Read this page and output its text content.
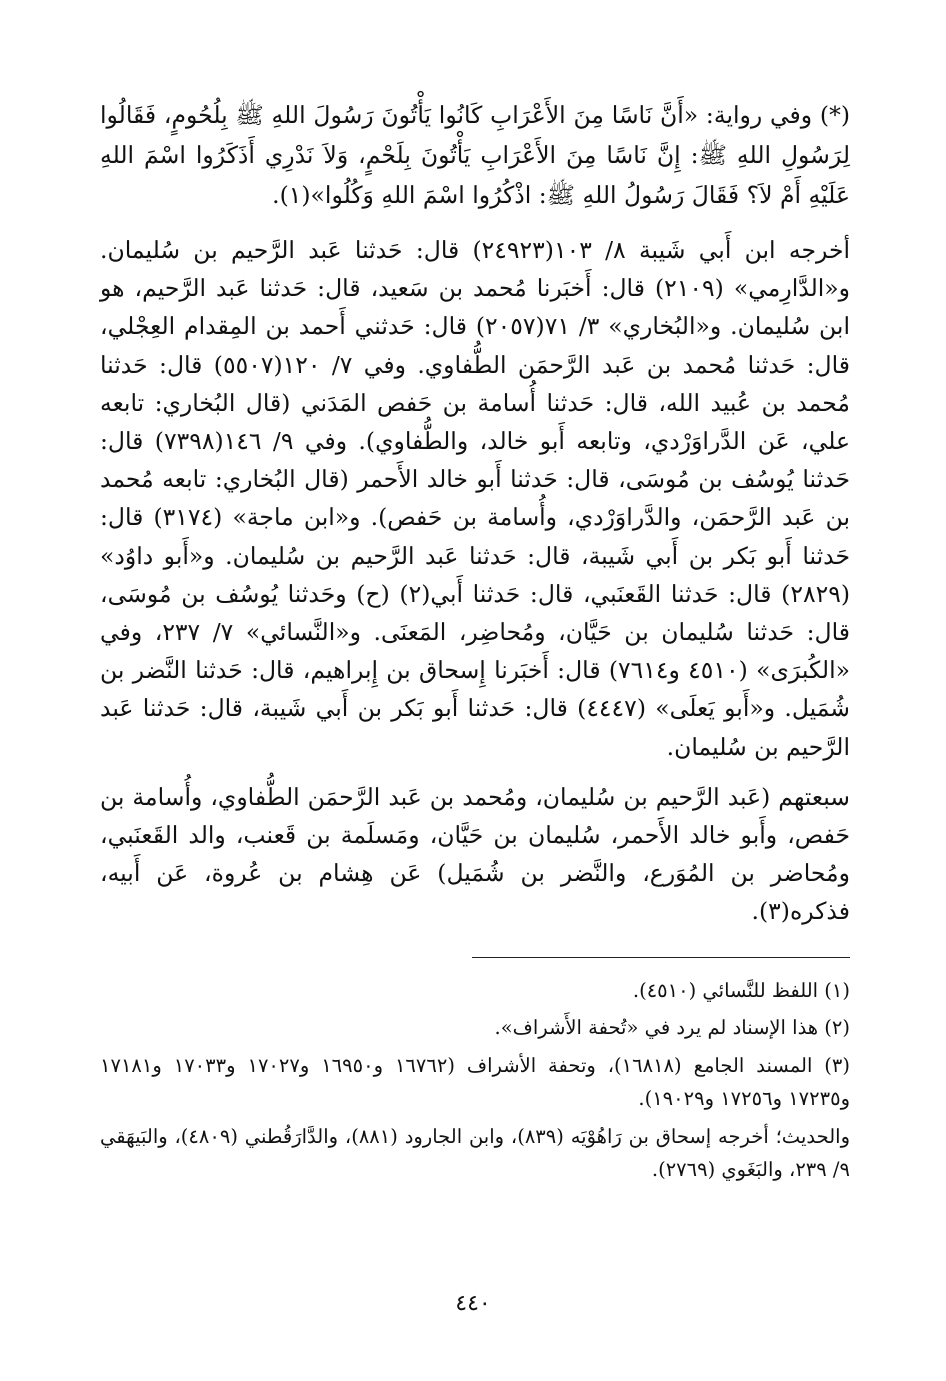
(*) وفي رواية: «أَنَّ نَاسًا مِنَ الأَعْرَابِ كَانُوا يَأْتُونَ رَسُولَ اللهِ ﷺ بِلُحُومٍ، فَقَالُوا لِرَسُولِ اللهِ ﷺ: إِنَّ نَاسًا مِنَ الأَعْرَابِ يَأْتُونَ بِلَحْمٍ، وَلاَ نَدْرِي أَذَكَرُوا اسْمَ اللهِ عَلَيْهِ أَمْ لاَ؟ فَقَالَ رَسُولُ اللهِ ﷺ: اذْكُرُوا اسْمَ اللهِ وَكُلُوا»(١).

أخرجه ابن أَبي شَيبة ٨/ ١٠٣(٢٤٩٢٣) قال: حَدثنا عَبد الرَّحيم بن سُليمان. و«الدَّارِمي» (٢١٠٩) قال: أَخبَرنا مُحمد بن سَعيد، قال: حَدثنا عَبد الرَّحيم، هو ابن سُليمان. و«البُخاري» ٣/ ٧١(٢٠٥٧) قال: حَدثني أَحمد بن المِقدام العِجْلي، قال: حَدثنا مُحمد بن عَبد الرَّحمَن الطُّفاوي. وفي ٧/ ١٢٠(٥٥٠٧) قال: حَدثنا مُحمد بن عُبيد الله، قال: حَدثنا أُسامة بن حَفص المَدَني (قال البُخاري: تابعه علي، عَن الدَّراوَرْدي، وتابعه أَبو خالد، والطُّفاوي). وفي ٩/ ١٤٦(٧٣٩٨) قال: حَدثنا يُوسُف بن مُوسَى، قال: حَدثنا أَبو خالد الأَحمر (قال البُخاري: تابعه مُحمد بن عَبد الرَّحمَن، والدَّراوَرْدي، وأُسامة بن حَفص). و«ابن ماجة» (٣١٧٤) قال: حَدثنا أَبو بَكر بن أَبي شَيبة، قال: حَدثنا عَبد الرَّحيم بن سُليمان. و«أَبو داوُد» (٢٨٢٩) قال: حَدثنا القَعنَبي، قال: حَدثنا أَبي(٢) (ح) وحَدثنا يُوسُف بن مُوسَى، قال: حَدثنا سُليمان بن حَيَّان، ومُحاضِر، المَعنَى. و«النَّسائي» ٧/ ٢٣٧، وفي «الكُبرَى» (٤٥١٠ و٧٦١٤) قال: أَخبَرنا إِسحاق بن إِبراهيم، قال: حَدثنا النَّضر بن شُمَيل. و«أَبو يَعلَى» (٤٤٤٧) قال: حَدثنا أَبو بَكر بن أَبي شَيبة، قال: حَدثنا عَبد الرَّحيم بن سُليمان.

سبعتهم (عَبد الرَّحيم بن سُليمان، ومُحمد بن عَبد الرَّحمَن الطُّفاوي، وأُسامة بن حَفص، وأَبو خالد الأَحمر، سُليمان بن حَيَّان، ومَسلَمة بن قَعنب، والد القَعنَبي، ومُحاضر بن المُوَرع، والنَّضر بن شُمَيل) عَن هِشام بن عُروة، عَن أَبيه، فذكره(٣).

(١) اللفظ للنَّسائي (٤٥١٠).

(٢) هذا الإسناد لم يرد في «تُحفة الأَشراف».

(٣) المسند الجامع (١٦٨١٨)، وتحفة الأشراف (١٦٧٦٢ و١٦٩٥٠ و١٧٠٢٧ و١٧٠٣٣ و١٧١٨١ و١٧٢٣٥ و١٧٢٥٦ و١٩٠٢٩).

والحديث؛ أخرجه إسحاق بن رَاهُوْيَه (٨٣٩)، وابن الجارود (٨٨١)، والدَّارَقُطني (٤٨٠٩)، والبَيهَقي ٩/ ٢٣٩، والبَغَوي (٢٧٦٩).

٤٤٠
